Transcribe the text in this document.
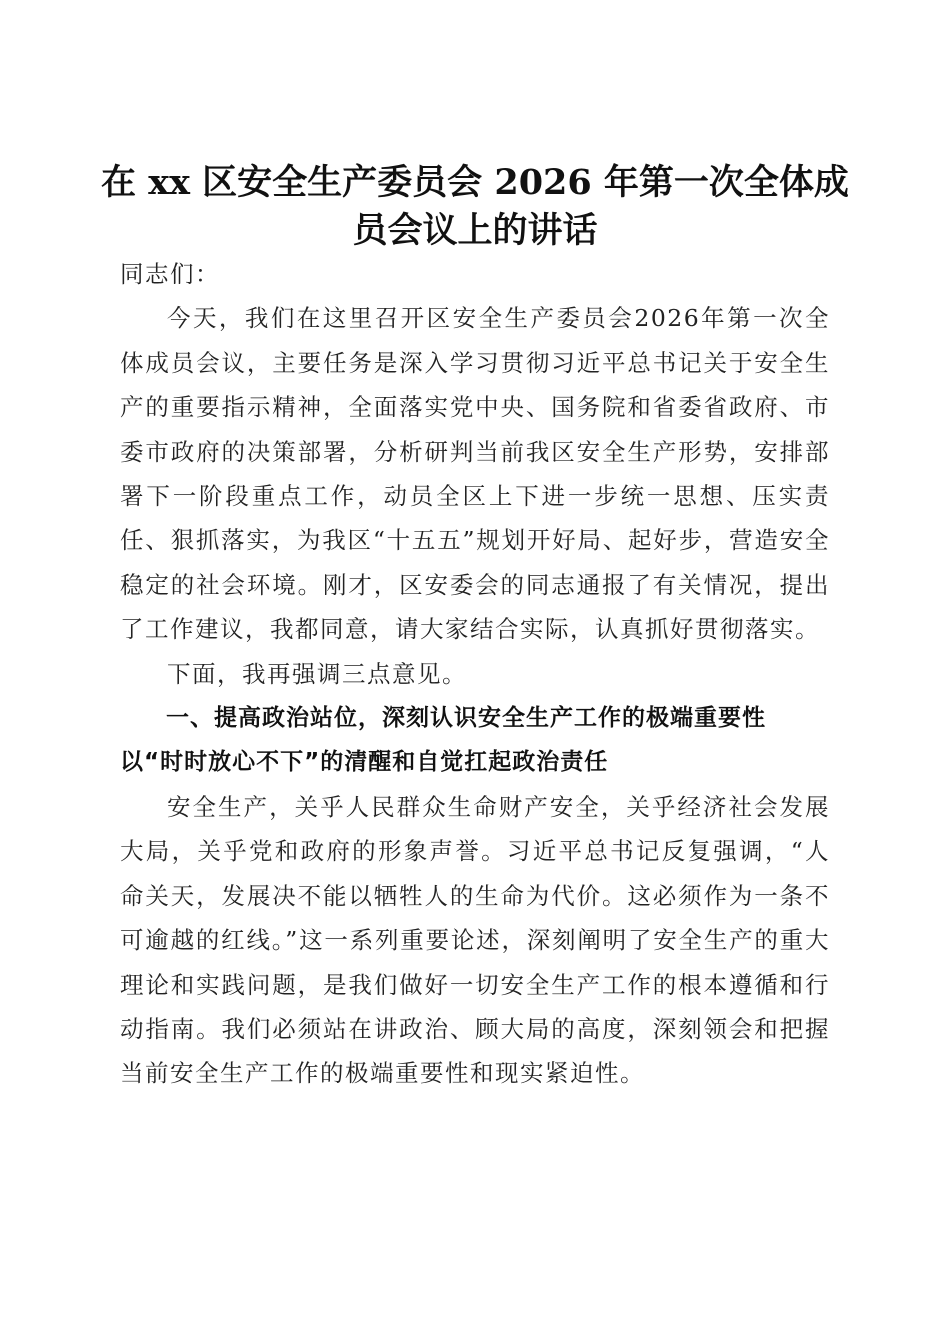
在 xx 区安全生产委员会 2026 年第一次全体成
员会议上的讲话

同志们：

今天，我们在这里召开区安全生产委员会2026年第一次全体成员会议，主要任务是深入学习贯彻习近平总书记关于安全生产的重要指示精神，全面落实党中央、国务院和省委省政府、市委市政府的决策部署，分析研判当前我区安全生产形势，安排部署下一阶段重点工作，动员全区上下进一步统一思想、压实责任、狠抓落实，为我区“十五五”规划开好局、起好步，营造安全稳定的社会环境。刚才，区安委会的同志通报了有关情况，提出了工作建议，我都同意，请大家结合实际，认真抓好贯彻落实。

下面，我再强调三点意见。

一、提高政治站位，深刻认识安全生产工作的极端重要性以“时时放心不下”的清醒和自觉扛起政治责任

安全生产，关乎人民群众生命财产安全，关乎经济社会发展大局，关乎党和政府的形象声誉。习近平总书记反复强调，“人命关天，发展决不能以牺牲人的生命为代价。这必须作为一条不可逾越的红线。”这一系列重要论述，深刻阐明了安全生产的重大理论和实践问题，是我们做好一切安全生产工作的根本遵循和行动指南。我们必须站在讲政治、顾大局的高度，深刻领会和把握当前安全生产工作的极端重要性和现实紧迫性。
